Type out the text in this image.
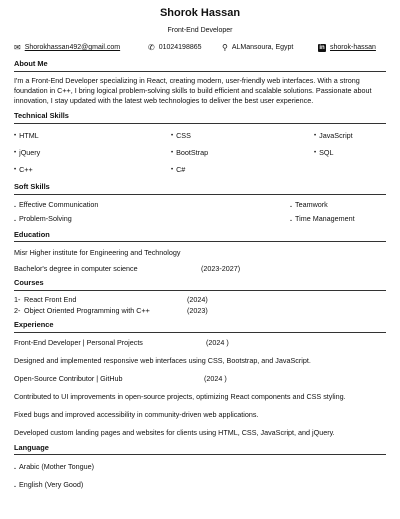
Shorok Hassan
Front-End Developer
✉ Shorokhassan492@gmail.com	✆ 01024198865	⚲ ALMansoura, Egypt	in shorok-hassan
About Me
I'm a Front-End Developer specializing in React, creating modern, user-friendly web interfaces. With a strong foundation in C++, I bring logical problem-solving skills to build efficient and scalable solutions. Passionate about innovation, I stay updated with the latest web technologies to deliver the best user experience.
Technical Skills
• HTML	• CSS	• JavaScript
• jQuery	• BootStrap	• SQL
• C++	• C#
Soft Skills
. Effective Communication	. Teamwork
. Problem-Solving	. Time Management
Education
Misr Higher institute for Engineering and Technology
Bachelor's degree in computer science	(2023-2027)
Courses
1- React Front End	(2024)
2- Object Oriented Programming with C++	(2023)
Experience
Front-End Developer | Personal Projects	(2024 )
Designed and implemented responsive web interfaces using CSS, Bootstrap, and JavaScript.
Open-Source Contributor | GitHub	(2024 )
Contributed to UI improvements in open-source projects, optimizing React components and CSS styling.
Fixed bugs and improved accessibility in community-driven web applications.
Developed custom landing pages and websites for clients using HTML, CSS, JavaScript, and jQuery.
Language
. Arabic (Mother Tongue)
. English (Very Good)
